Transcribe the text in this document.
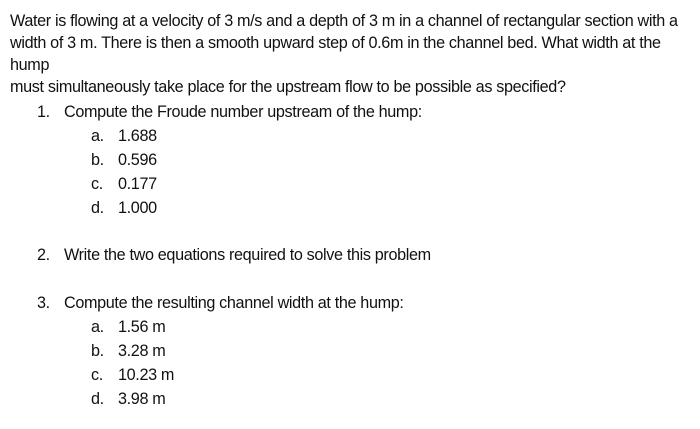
Water is flowing at a velocity of 3 m/s and a depth of 3 m in a channel of rectangular section with a
width of 3 m. There is then a smooth upward step of 0.6m in the channel bed. What width at the hump
must simultaneously take place for the upstream flow to be possible as specified?

1. Compute the Froude number upstream of the hump:
a. 1.688
b. 0.596
c. 0.177
d. 1.000
2. Write the two equations required to solve this problem
3. Compute the resulting channel width at the hump:
a. 1.56 m
b. 3.28 m
c. 10.23 m
d. 3.98 m
